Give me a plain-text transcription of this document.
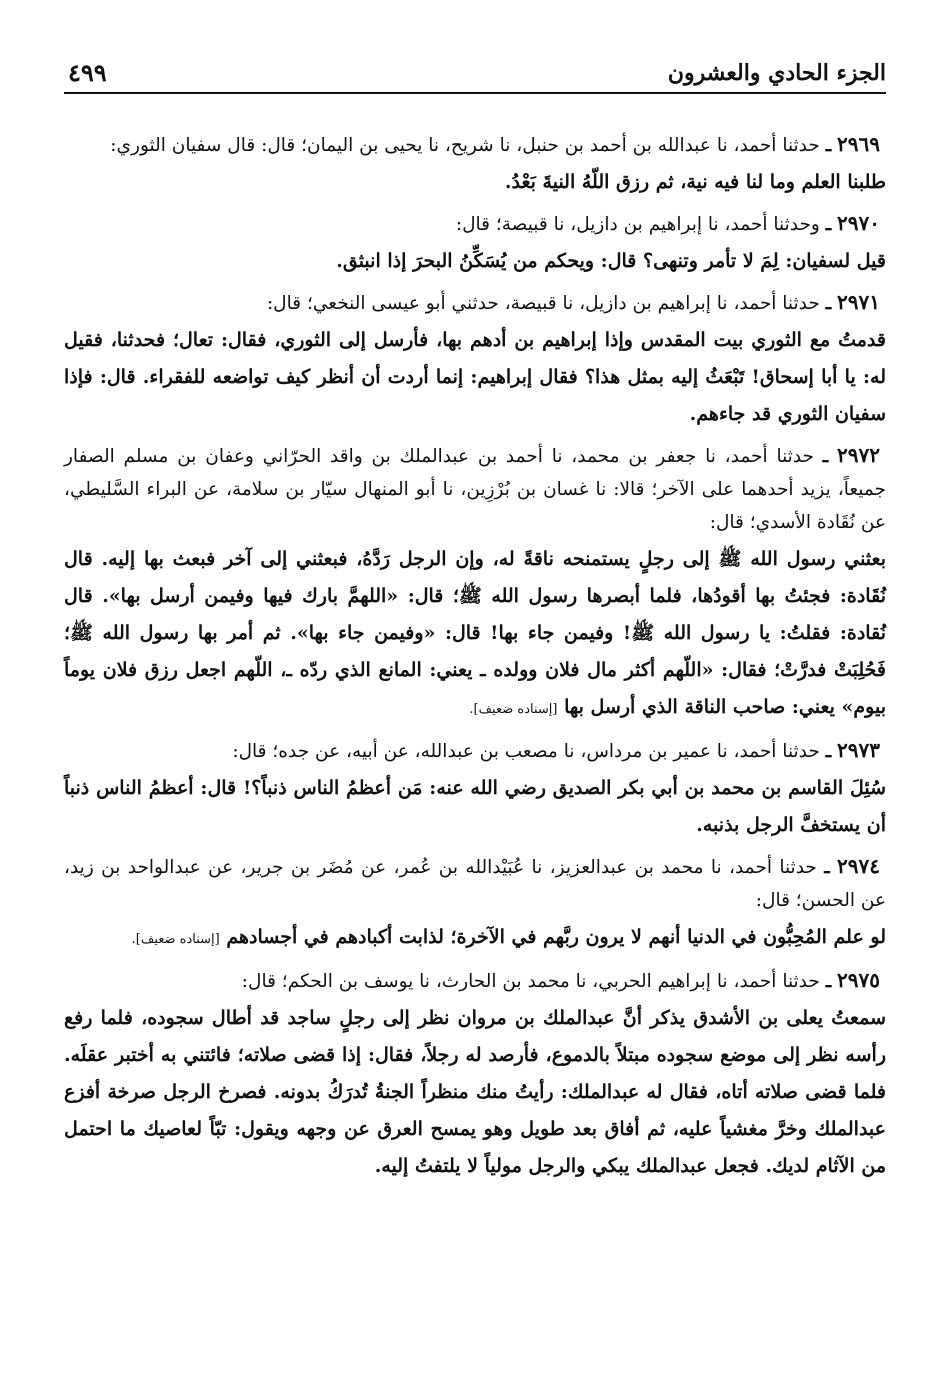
الجزء الحادي والعشرون
٤٩٩

٢٩٦٩ ـ حدثنا أحمد، نا عبدالله بن أحمد بن حنبل، نا شريح، نا يحيى بن اليمان؛ قال: قال سفيان الثوري:

طلبنا العلم وما لنا فيه نية، ثم رزق اللّهُ النيةَ بَعْدُ.

٢٩٧٠ ـ وحدثنا أحمد، نا إبراهيم بن دازيل، نا قبيصة؛ قال:

قيل لسفيان: لِمَ لا تأمر وتنهى؟ قال: ويحكم من يُسَكِّنُ البحرَ إذا انبثق.

٢٩٧١ ـ حدثنا أحمد، نا إبراهيم بن دازيل، نا قبيصة، حدثني أبو عيسى النخعي؛ قال:

قدمتُ مع الثوري بيت المقدس وإذا إبراهيم بن أدهم بها، فأرسل إلى الثوري، فقال: تعال؛ فحدثنا، فقيل له: يا أبا إسحاق! تَبْعَثُ إليه بمثل هذا؟ فقال إبراهيم: إنما أردت أن أنظر كيف تواضعه للفقراء. قال: فإذا سفيان الثوري قد جاءهم.

٢٩٧٢ ـ حدثنا أحمد، نا جعفر بن محمد، نا أحمد بن عبدالملك بن واقد الحرّاني وعفان بن مسلم الصفار جميعاً، يزيد أحدهما على الآخر؛ قالا: نا غسان بن بُرْزِين، نا أبو المنهال سيّار بن سلامة، عن البراء السَّليطي، عن نُقَادة الأسدي؛ قال:

بعثني رسول الله ﷺ إلى رجلٍ يستمنحه ناقةً له، وإن الرجل رَدَّهُ، فبعثني إلى آخر فبعث بها إليه. قال نُقَادة: فجئتُ بها أقودُها، فلما أبصرها رسول الله ﷺ؛ قال: «اللهمَّ بارك فيها وفيمن أرسل بها». قال نُقادة: فقلتُ: يا رسول الله ﷺ! وفيمن جاء بها! قال: «وفيمن جاء بها». ثم أمر بها رسول الله ﷺ؛ فَحُلِبَتْ فدرَّتْ؛ فقال: «اللّهم أكثر مال فلان وولده ـ يعني: المانع الذي ردّه ـ، اللّهم اجعل رزق فلان يوماً بيوم» يعني: صاحب الناقة الذي أرسل بها [إسناده ضعيف].

٢٩٧٣ ـ حدثنا أحمد، نا عمير بن مرداس، نا مصعب بن عبدالله، عن أبيه، عن جده؛ قال:

سُئِلَ القاسم بن محمد بن أبي بكر الصديق رضي الله عنه: مَن أعظمُ الناس ذنباً؟! قال: أعظمُ الناس ذنباً أن يستخفَّ الرجل بذنبه.

٢٩٧٤ ـ حدثنا أحمد، نا محمد بن عبدالعزيز، نا عُبَيْدالله بن عُمر، عن مُضَر بن جرير، عن عبدالواحد بن زيد، عن الحسن؛ قال:

لو علم المُحِبُّون في الدنيا أنهم لا يرون ربَّهم في الآخرة؛ لذابت أكبادهم في أجسادهم [إسناده ضعيف].

٢٩٧٥ ـ حدثنا أحمد، نا إبراهيم الحربي، نا محمد بن الحارث، نا يوسف بن الحكم؛ قال:

سمعتُ يعلى بن الأشدق يذكر أنَّ عبدالملك بن مروان نظر إلى رجلٍ ساجد قد أطال سجوده، فلما رفع رأسه نظر إلى موضع سجوده مبتلاً بالدموع، فأرصد له رجلاً، فقال: إذا قضى صلاته؛ فائتني به أختبر عقلَه. فلما قضى صلاته أتاه، فقال له عبدالملك: رأيتُ منك منظراً الجنةُ تُدرَكُ بدونه. فصرخ الرجل صرخة أفزع عبدالملك وخرَّ مغشياً عليه، ثم أفاق بعد طويل وهو يمسح العرق عن وجهه ويقول: تبّاً لعاصيك ما احتمل من الآثام لديك. فجعل عبدالملك يبكي والرجل مولياً لا يلتفتُ إليه.
